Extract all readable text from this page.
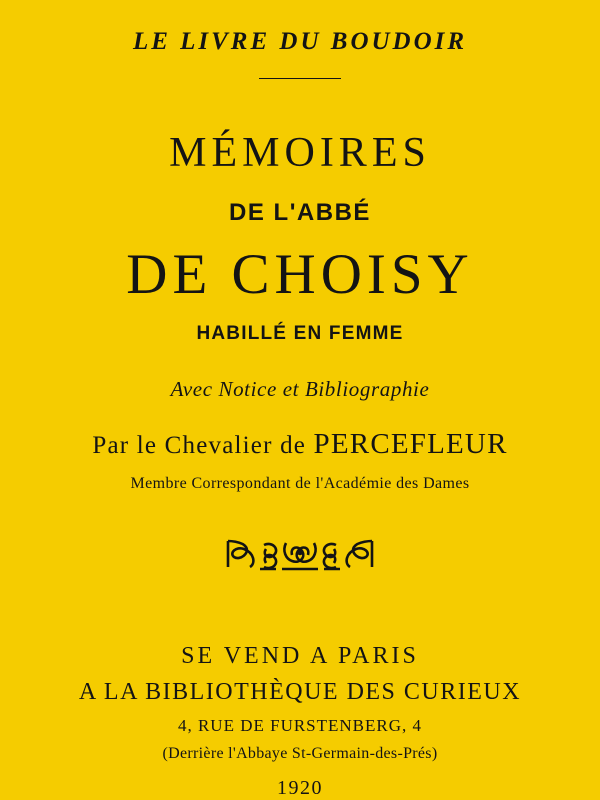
LE LIVRE DU BOUDOIR
MÉMOIRES
DE L'ABBÉ
DE CHOISY
HABILLÉ EN FEMME
Avec Notice et Bibliographie
Par le Chevalier de PERCEFLEUR
Membre Correspondant de l'Académie des Dames
SE VEND A PARIS
A LA BIBLIOTHÈQUE DES CURIEUX
4, RUE DE FURSTENBERG, 4
(Derrière l'Abbaye St-Germain-des-Prés)
1920
